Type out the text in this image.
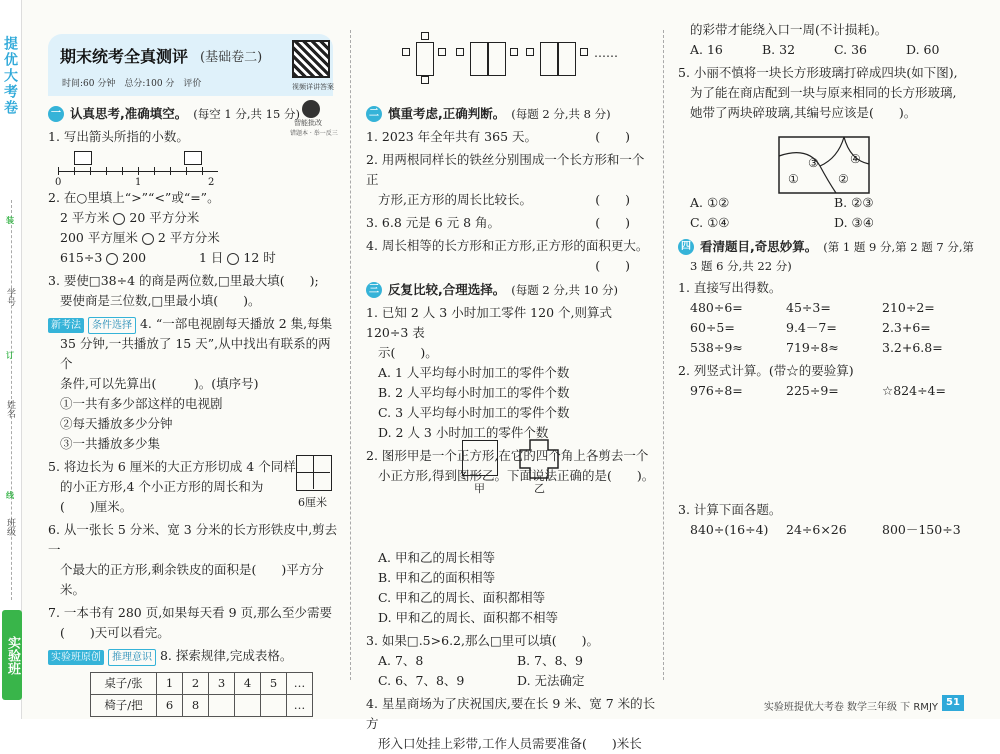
提优大考卷
装
订
线
班级
姓名
学号
实验班
期末统考全真测评 (基础卷二)
时间:60 分钟　总分:100 分　评价	视频详讲答案
智能批改
错题本 · 举一反三
一 认真思考,准确填空。 (每空 1 分,共 15 分)
1. 写出箭头所指的小数。
0	1	2
2. 在○里填上“>”“<”或“=”。
2 平方米 20 平方分米
200 平方厘米 2 平方分米
615÷3 200	1 日 12 时
3. 要使□38÷4 的商是两位数,□里最大填(　　);
要使商是三位数,□里最小填(　　)。
新考法 条件选择 4. “一部电视剧每天播放 2 集,每集
35 分钟,一共播放了 15 天”,从中找出有联系的两个
条件,可以先算出(　　　)。(填序号)
①一共有多少部这样的电视剧
②每天播放多少分钟
③一共播放多少集
5. 将边长为 6 厘米的大正方形切成 4 个同样
的小正方形,4 个小正方形的周长和为
(　　)厘米。
6. 从一张长 5 分米、宽 3 分米的长方形铁皮中,剪去一
个最大的正方形,剩余铁皮的面积是(　　)平方分米。
7. 一本书有 280 页,如果每天看 9 页,那么至少需要
(　　)天可以看完。
实验班原创 推理意识 8. 探索规律,完成表格。
桌子/张	1	2	3	4	5	…
椅子/把	6	8				…
6厘米
……
二 慎重考虑,正确判断。 (每题 2 分,共 8 分)
1. 2023 年全年共有 365 天。	(　　)
2. 用两根同样长的铁丝分别围成一个长方形和一个正
方形,正方形的周长比较长。	(　　)
3. 6.8 元是 6 元 8 角。	(　　)
4. 周长相等的长方形和正方形,正方形的面积更大。
(　　)

三 反复比较,合理选择。 (每题 2 分,共 10 分)
1. 已知 2 人 3 小时加工零件 120 个,则算式 120÷3 表
示(　　)。
A. 1 人平均每小时加工的零件个数
B. 2 人平均每小时加工的零件个数
C. 3 人平均每小时加工的零件个数
D. 2 人 3 小时加工的零件个数
2. 图形甲是一个正方形,在它的四个角上各剪去一个
小正方形,得到图形乙。下面说法正确的是(　　)。
A. 甲和乙的周长相等
B. 甲和乙的面积相等
C. 甲和乙的周长、面积都相等
D. 甲和乙的周长、面积都不相等
3. 如果□.5>6.2,那么□里可以填(　　)。
A. 7、8	B. 7、8、9
C. 6、7、8、9	D. 无法确定
4. 星星商场为了庆祝国庆,要在长 9 米、宽 7 米的长方
形入口处挂上彩带,工作人员需要准备(　　)米长
甲	乙
的彩带才能绕入口一周(不计损耗)。
A. 16	B. 32	C. 36	D. 60
5. 小丽不慎将一块长方形玻璃打碎成四块(如下图),
为了能在商店配到一块与原来相同的长方形玻璃,
她带了两块碎玻璃,其编号应该是(　　)。
A. ①②	B. ②③
C. ①④	D. ③④
四 看清题目,奇思妙算。 (第 1 题 9 分,第 2 题 7 分,第
3 题 6 分,共 22 分)
1. 直接写出得数。
480÷6=	45÷3=	210÷2=
60÷5=	9.4－7=	2.3+6=
538÷9≈	719÷8≈	3.2+6.8=
2. 列竖式计算。(带☆的要验算)
976÷8=	225÷9=	☆824÷4=
3. 计算下面各题。
840÷(16÷4)	24÷6×26	800－150÷3
①	②
③	④
实验班提优大考卷 数学三年级 下 RMJY 51
